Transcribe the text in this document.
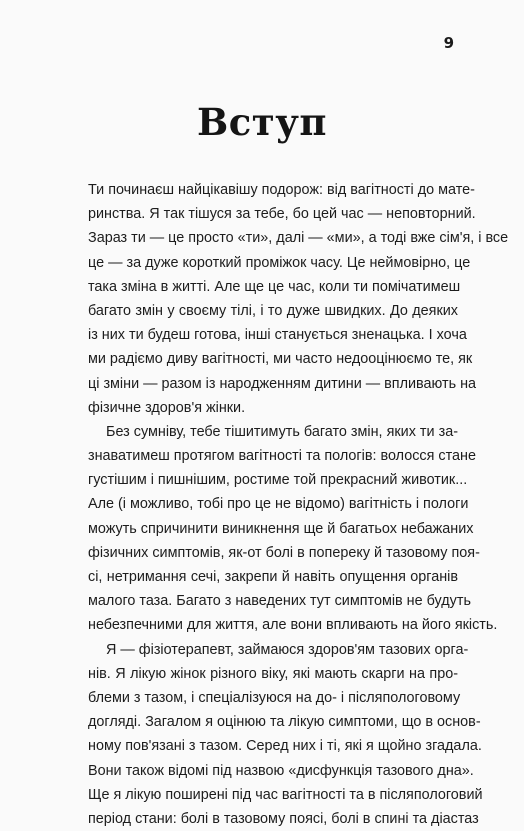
9
Вступ
Ти починаєш найцікавішу подорож: від вагітності до мате-
ринства. Я так тішуся за тебе, бо цей час — неповторний.
Зараз ти — це просто «ти», далі — «ми», а тоді вже сім'я, і все
це — за дуже короткий проміжок часу. Це неймовірно, це
така зміна в житті. Але ще це час, коли ти помічатимеш
багато змін у своєму тілі, і то дуже швидких. До деяких
із них ти будеш готова, інші станується зненацька. І хоча
ми радіємо диву вагітності, ми часто недооцінюємо те, як
ці зміни — разом із народженням дитини — впливають на
фізичне здоров'я жінки.
Без сумніву, тебе тішитимуть багато змін, яких ти за-
знаватимеш протягом вагітності та пологів: волосся стане
густішим і пишнішим, ростиме той прекрасний животик...
Але (і можливо, тобі про це не відомо) вагітність і пологи
можуть спричинити виникнення ще й багатьох небажаних
фізичних симптомів, як-от болі в попереку й тазовому поя-
сі, нетримання сечі, закрепи й навіть опущення органів
малого таза. Багато з наведених тут симптомів не будуть
небезпечними для життя, але вони впливають на його якість.
Я — фізіотерапевт, займаюся здоров'ям тазових орга-
нів. Я лікую жінок різного віку, які мають скарги на про-
блеми з тазом, і спеціалізуюся на до- і післяпологовому
догляді. Загалом я оцінюю та лікую симптоми, що в основ-
ному пов'язані з тазом. Серед них і ті, які я щойно згадала.
Вони також відомі під назвою «дисфункція тазового дна».
Ще я лікую поширені під час вагітності та в післяпологовий
період стани: болі в тазовому поясі, болі в спині та діастаз
